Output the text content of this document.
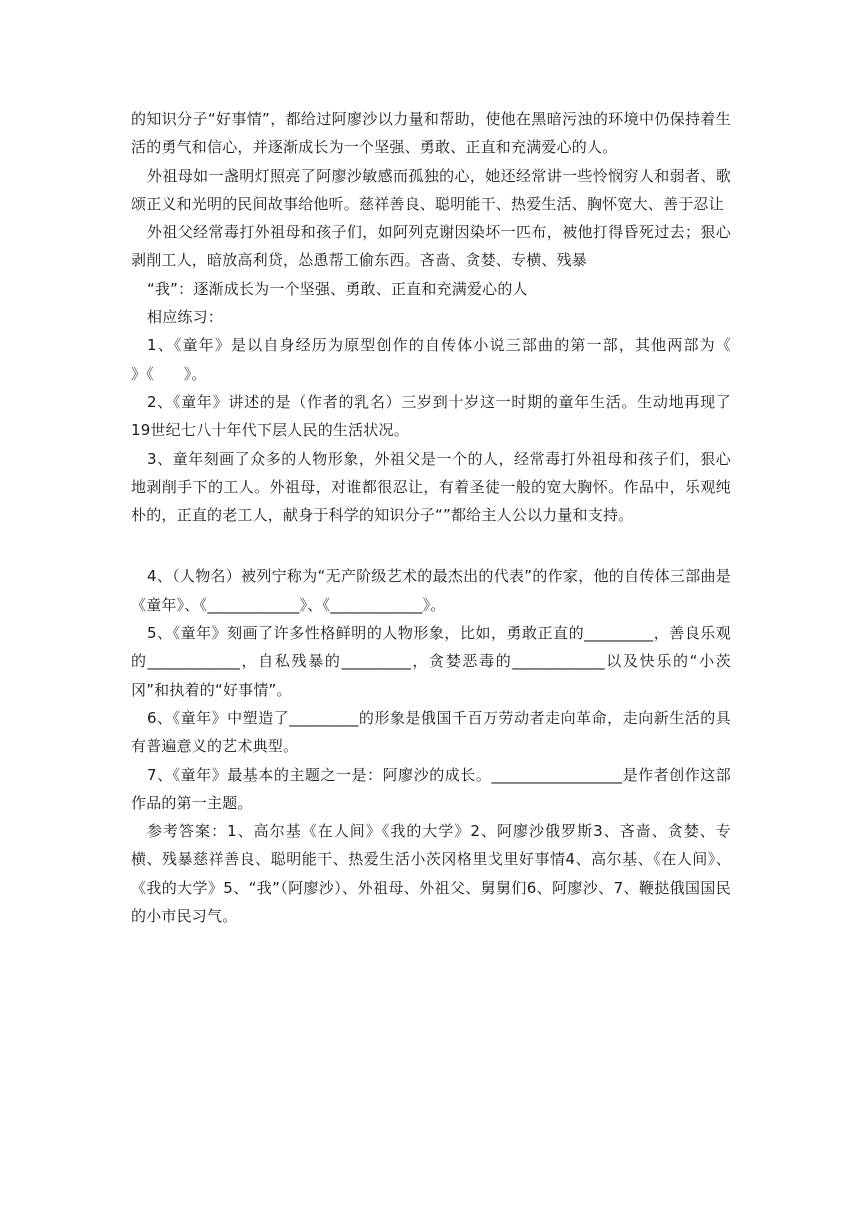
的知识分子“好事情”，都给过阿廖沙以力量和帮助，使他在黑暗污浊的环境中仍保持着生活的勇气和信心，并逐渐成长为一个坚强、勇敢、正直和充满爱心的人。

外祖母如一盏明灯照亮了阿廖沙敏感而孤独的心，她还经常讲一些怜悯穷人和弱者、歌颂正义和光明的民间故事给他听。慈祥善良、聪明能干、热爱生活、胸怀宽大、善于忍让

外祖父经常毒打外祖母和孩子们，如阿列克谢因染坏一匹布，被他打得昏死过去；狠心剥削工人，暗放高利贷，怂恿帮工偷东西。吝啬、贪婪、专横、残暴

“我”：逐渐成长为一个坚强、勇敢、正直和充满爱心的人

相应练习：

1、《童年》是以自身经历为原型创作的自传体小说三部曲的第一部，其他两部为《      》《      》。

2、《童年》讲述的是（作者的乳名）三岁到十岁这一时期的童年生活。生动地再现了19世纪七八十年代下层人民的生活状况。

3、童年刻画了众多的人物形象，外祖父是一个的人，经常毒打外祖母和孩子们，狠心地剥削手下的工人。外祖母，对谁都很忍让，有着圣徒一般的宽大胸怀。作品中，乐观纯朴的，正直的老工人，献身于科学的知识分子“”都给主人公以力量和支持。

4、（人物名）被列宁称为“无产阶级艺术的最杰出的代表”的作家，他的自传体三部曲是《童年》、《____________》、《____________》。

5、《童年》刻画了许多性格鲜明的人物形象，比如，勇敢正直的_________，善良乐观的____________，自私残暴的_________，贪婪恶毒的____________以及快乐的“小茨冈”和执着的“好事情”。

6、《童年》中塑造了_________的形象是俄国千百万劳动者走向革命，走向新生活的具有普遍意义的艺术典型。

7、《童年》最基本的主题之一是：阿廖沙的成长。_________________是作者创作这部作品的第一主题。

参考答案：1、高尔基《在人间》《我的大学》2、阿廖沙俄罗斯3、吝啬、贪婪、专横、残暴慈祥善良、聪明能干、热爱生活小茨冈格里戈里好事情4、高尔基、《在人间》、《我的大学》5、“我”（阿廖沙）、外祖母、外祖父、舅舅们6、阿廖沙、7、鞭挞俄国国民的小市民习气。
